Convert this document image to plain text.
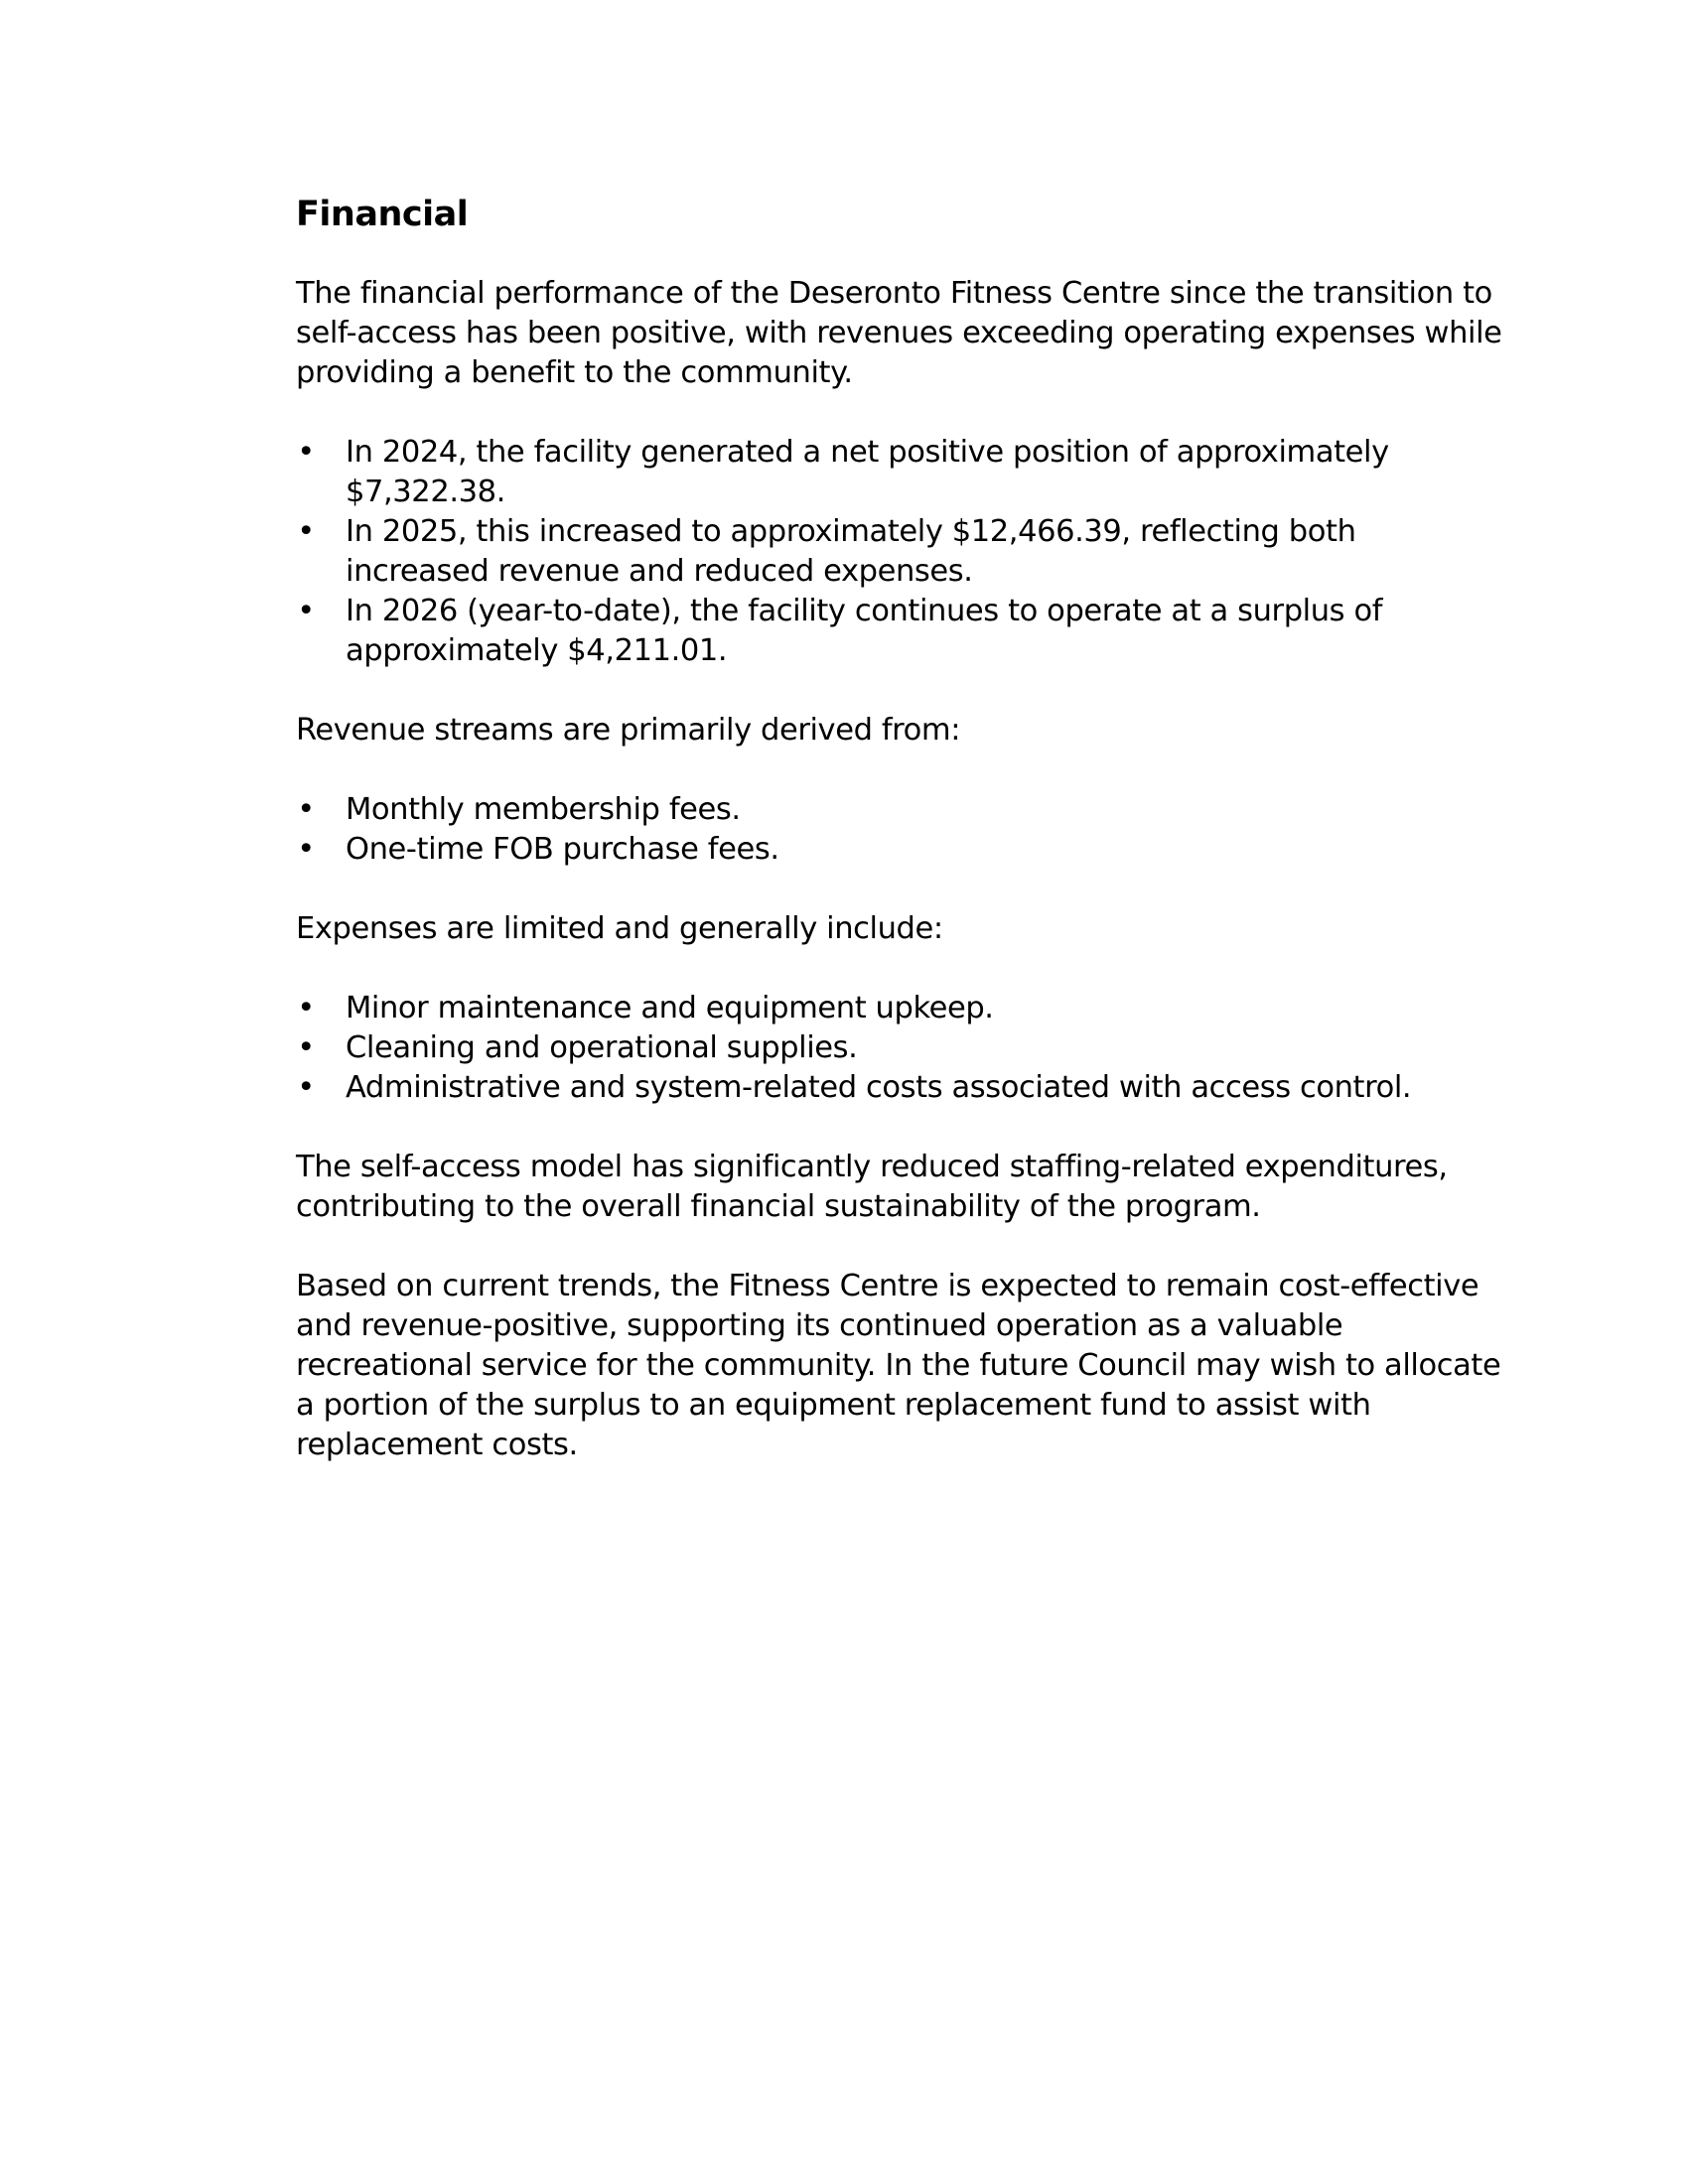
Financial

The financial performance of the Deseronto Fitness Centre since the transition to self-access has been positive, with revenues exceeding operating expenses while providing a benefit to the community.

• In 2024, the facility generated a net positive position of approximately $7,322.38.
• In 2025, this increased to approximately $12,466.39, reflecting both increased revenue and reduced expenses.
• In 2026 (year-to-date), the facility continues to operate at a surplus of approximately $4,211.01.

Revenue streams are primarily derived from:

• Monthly membership fees.
• One-time FOB purchase fees.

Expenses are limited and generally include:

• Minor maintenance and equipment upkeep.
• Cleaning and operational supplies.
• Administrative and system-related costs associated with access control.

The self-access model has significantly reduced staffing-related expenditures, contributing to the overall financial sustainability of the program.

Based on current trends, the Fitness Centre is expected to remain cost-effective and revenue-positive, supporting its continued operation as a valuable recreational service for the community. In the future Council may wish to allocate a portion of the surplus to an equipment replacement fund to assist with replacement costs.
